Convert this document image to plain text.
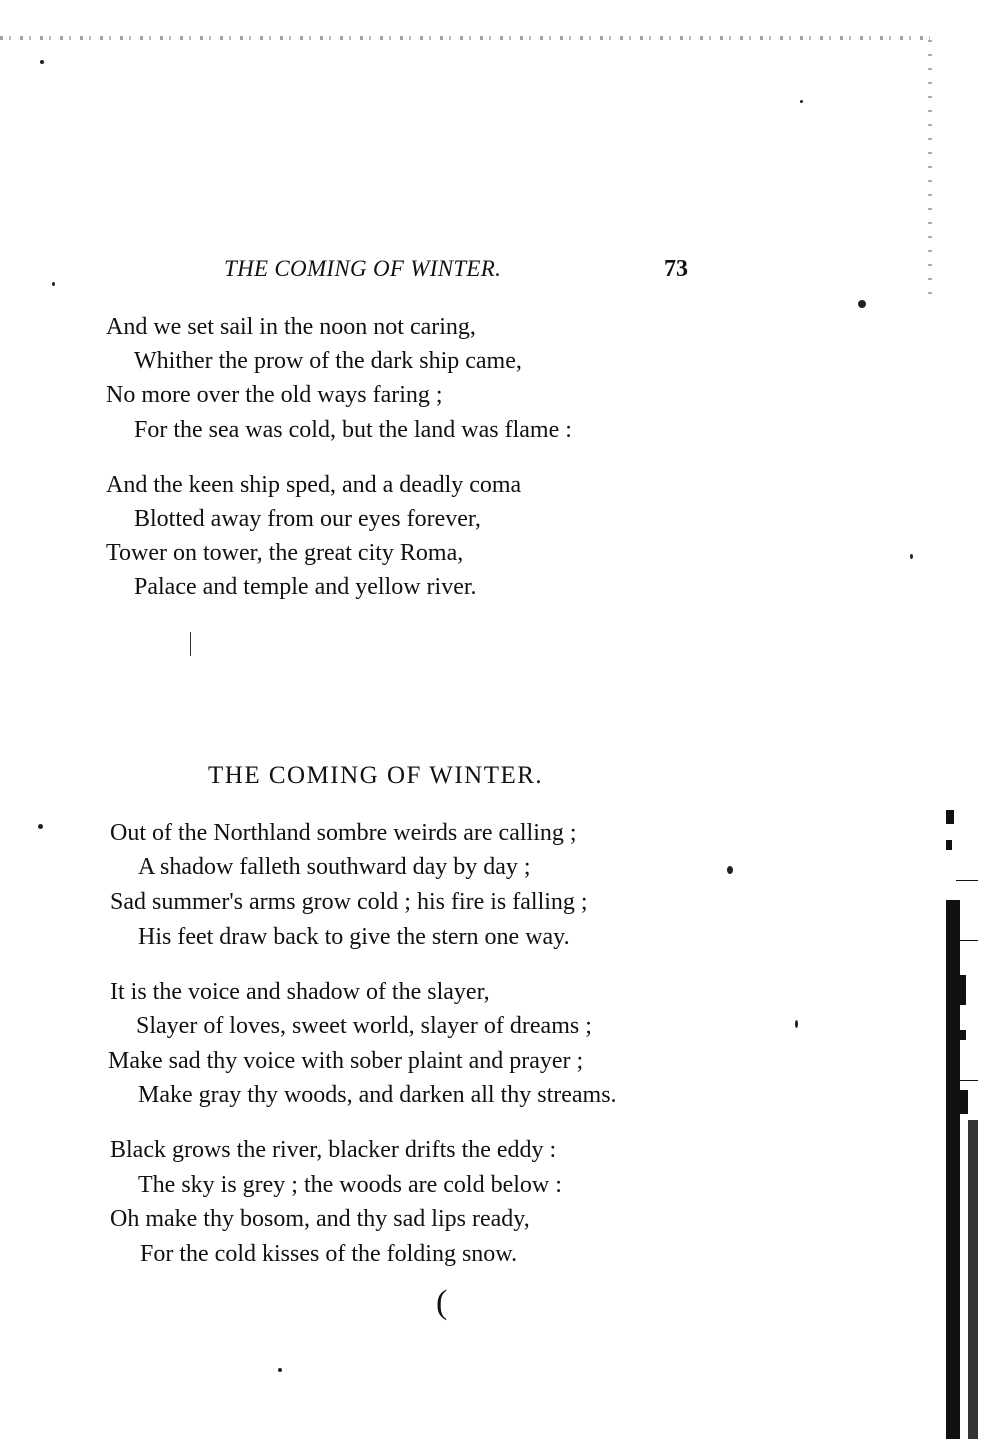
THE COMING OF WINTER.	73
And we set sail in the noon not caring,
Whither the prow of the dark ship came,
No more over the old ways faring ;
For the sea was cold, but the land was flame :
And the keen ship sped, and a deadly coma
Blotted away from our eyes forever,
Tower on tower, the great city Roma,
Palace and temple and yellow river.
THE COMING OF WINTER.
Out of the Northland sombre weirds are calling ;
A shadow falleth southward day by day ;
Sad summer's arms grow cold ; his fire is falling ;
His feet draw back to give the stern one way.
It is the voice and shadow of the slayer,
Slayer of loves, sweet world, slayer of dreams ;
Make sad thy voice with sober plaint and prayer ;
Make gray thy woods, and darken all thy streams.
Black grows the river, blacker drifts the eddy :
The sky is grey ; the woods are cold below :
Oh make thy bosom, and thy sad lips ready,
For the cold kisses of the folding snow.
(
